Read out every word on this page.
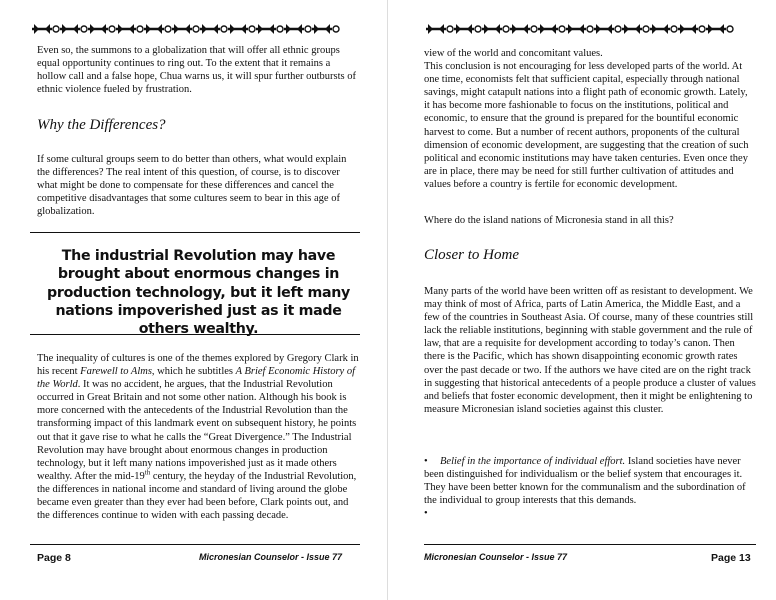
Even so, the summons to a globalization that will offer all ethnic groups equal opportunity continues to ring out. To the extent that it remains a hollow call and a false hope, Chua warns us, it will spur further outbursts of ethnic violence fueled by frustration.

Why the Differences?

If some cultural groups seem to do better than others, what would explain the differences? The real intent of this question, of course, is to discover what might be done to compensate for these differences and cancel the competitive disadvantages that some cultures seem to bear in this age of globalization.

The industrial Revolution may have brought about enormous changes in production technology, but it left many nations impoverished just as it made others wealthy.

The inequality of cultures is one of the themes explored by Gregory Clark in his recent Farewell to Alms, which he subtitles A Brief Economic History of the World. It was no accident, he argues, that the Industrial Revolution occurred in Great Britain and not some other nation. Although his book is more concerned with the antecedents of the Industrial Revolution than the transforming impact of this landmark event on subsequent history, he points out that it gave rise to what he calls the “Great Divergence.” The Industrial Revolution may have brought about enormous changes in production technology, but it left many nations impoverished just as it made others wealthy. After the mid-19th century, the heyday of the Industrial Revolution, the differences in national income and standard of living around the globe became even greater than they ever had been before, Clark points out, and the differences continue to widen with each passing decade.

Page 8	Micronesian Counselor - Issue 77

view of the world and concomitant values.

This conclusion is not encouraging for less developed parts of the world. At one time, economists felt that sufficient capital, especially through national savings, might catapult nations into a flight path of economic growth. Lately, it has become more fashionable to focus on the institutions, political and economic, to ensure that the ground is prepared for the bountiful economic harvest to come. But a number of recent authors, proponents of the cultural dimension of economic development, are suggesting that the creation of such political and economic institutions may have taken centuries. Even once they are in place, there may be need for still further cultivation of attitudes and values before a country is fertile for economic development.

Where do the island nations of Micronesia stand in all this?

Closer to Home

Many parts of the world have been written off as resistant to development. We may think of most of Africa, parts of Latin America, the Middle East, and a few of the countries in Southeast Asia. Of course, many of these countries still lack the reliable institutions, beginning with stable government and the rule of law, that are a requisite for development according to today’s canon. Then there is the Pacific, which has shown disappointing economic growth rates over the past decade or two. If the authors we have cited are on the right track in suggesting that historical antecedents of a people produce a cluster of values and beliefs that foster economic development, then it might be enlightening to measure Micronesian island societies against this cluster.

• Belief in the importance of individual effort. Island societies have never been distinguished for individualism or the belief system that encourages it. They have been better known for the communalism and the subordination of the individual to group interests that this demands.

•

Micronesian Counselor - Issue 77	Page 13
